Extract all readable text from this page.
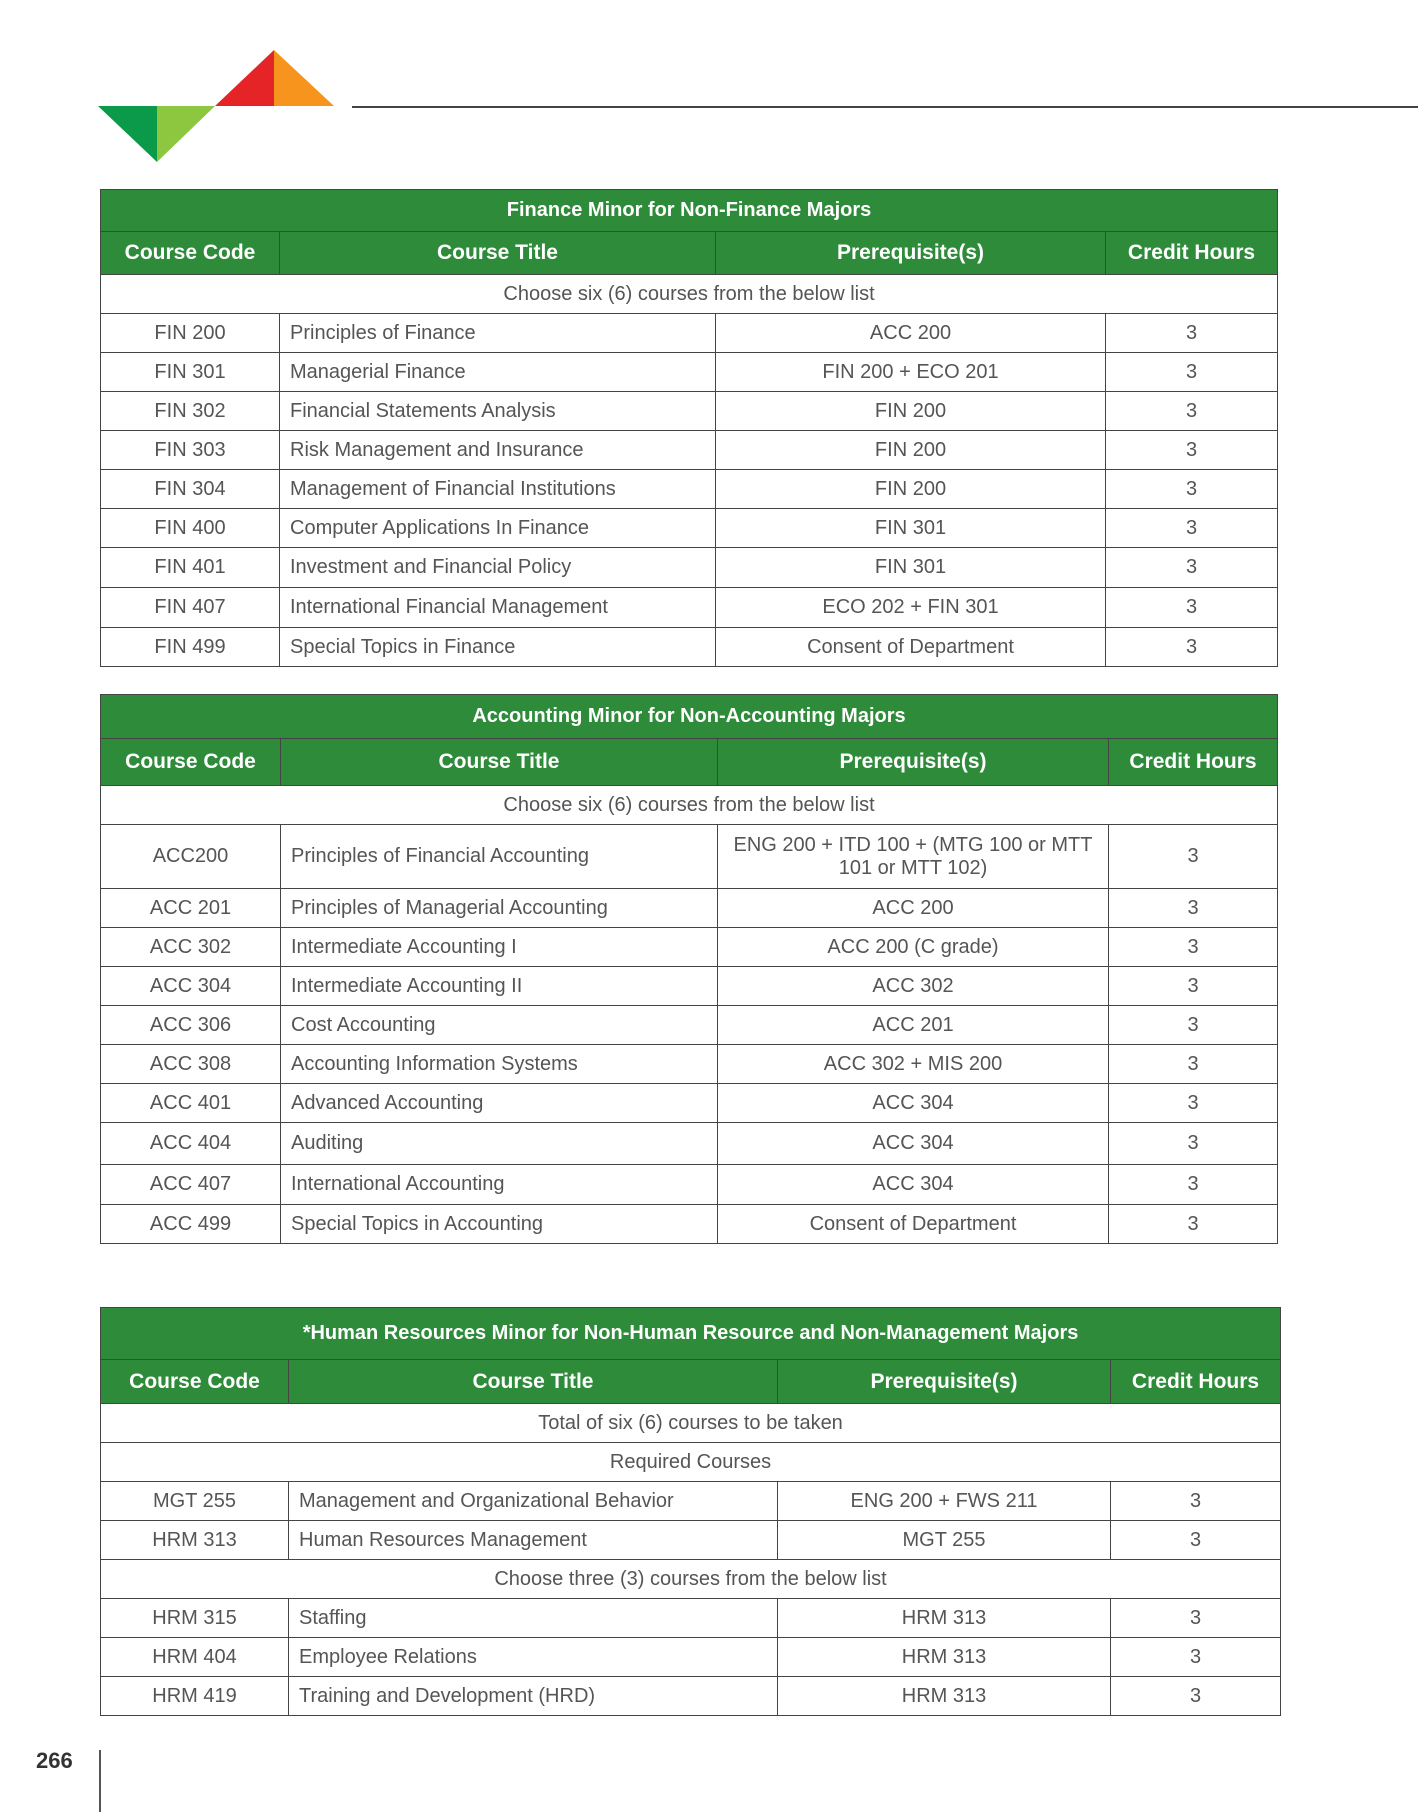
Finance Minor for Non-Finance Majors			
Course Code	Course Title	Prerequisite(s)	Credit Hours
Choose six (6) courses from the below list			
FIN 200	Principles of Finance	ACC 200	3
FIN 301	Managerial Finance	FIN 200 + ECO 201	3
FIN 302	Financial Statements Analysis	FIN 200	3
FIN 303	Risk Management and Insurance	FIN 200	3
FIN 304	Management of Financial Institutions	FIN 200	3
FIN 400	Computer Applications In Finance	FIN 301	3
FIN 401	Investment and Financial Policy	FIN 301	3
FIN 407	International Financial Management	ECO 202 + FIN 301	3
FIN 499	Special Topics in Finance	Consent of Department	3
Accounting Minor for Non-Accounting Majors			
Course Code	Course Title	Prerequisite(s)	Credit Hours
Choose six (6) courses from the below list			
ACC200	Principles of Financial Accounting	ENG 200 + ITD 100 + (MTG 100 or MTT 101 or MTT 102)	3
ACC 201	Principles of Managerial Accounting	ACC 200	3
ACC 302	Intermediate Accounting I	ACC 200 (C grade)	3
ACC 304	Intermediate Accounting II	ACC 302	3
ACC 306	Cost Accounting	ACC 201	3
ACC 308	Accounting Information Systems	ACC 302 + MIS 200	3
ACC 401	Advanced Accounting	ACC 304	3
ACC 404	Auditing	ACC 304	3
ACC 407	International Accounting	ACC 304	3
ACC 499	Special Topics in Accounting	Consent of Department	3
*Human Resources Minor for Non-Human Resource and Non-Management Majors			
Course Code	Course Title	Prerequisite(s)	Credit Hours
Total of six (6) courses to be taken			
Required Courses			
MGT 255	Management and Organizational Behavior	ENG 200 + FWS 211	3
HRM 313	Human Resources Management	MGT 255	3
Choose three (3) courses from the below list			
HRM 315	Staffing	HRM 313	3
HRM 404	Employee Relations	HRM 313	3
HRM 419	Training and Development (HRD)	HRM 313	3
266
